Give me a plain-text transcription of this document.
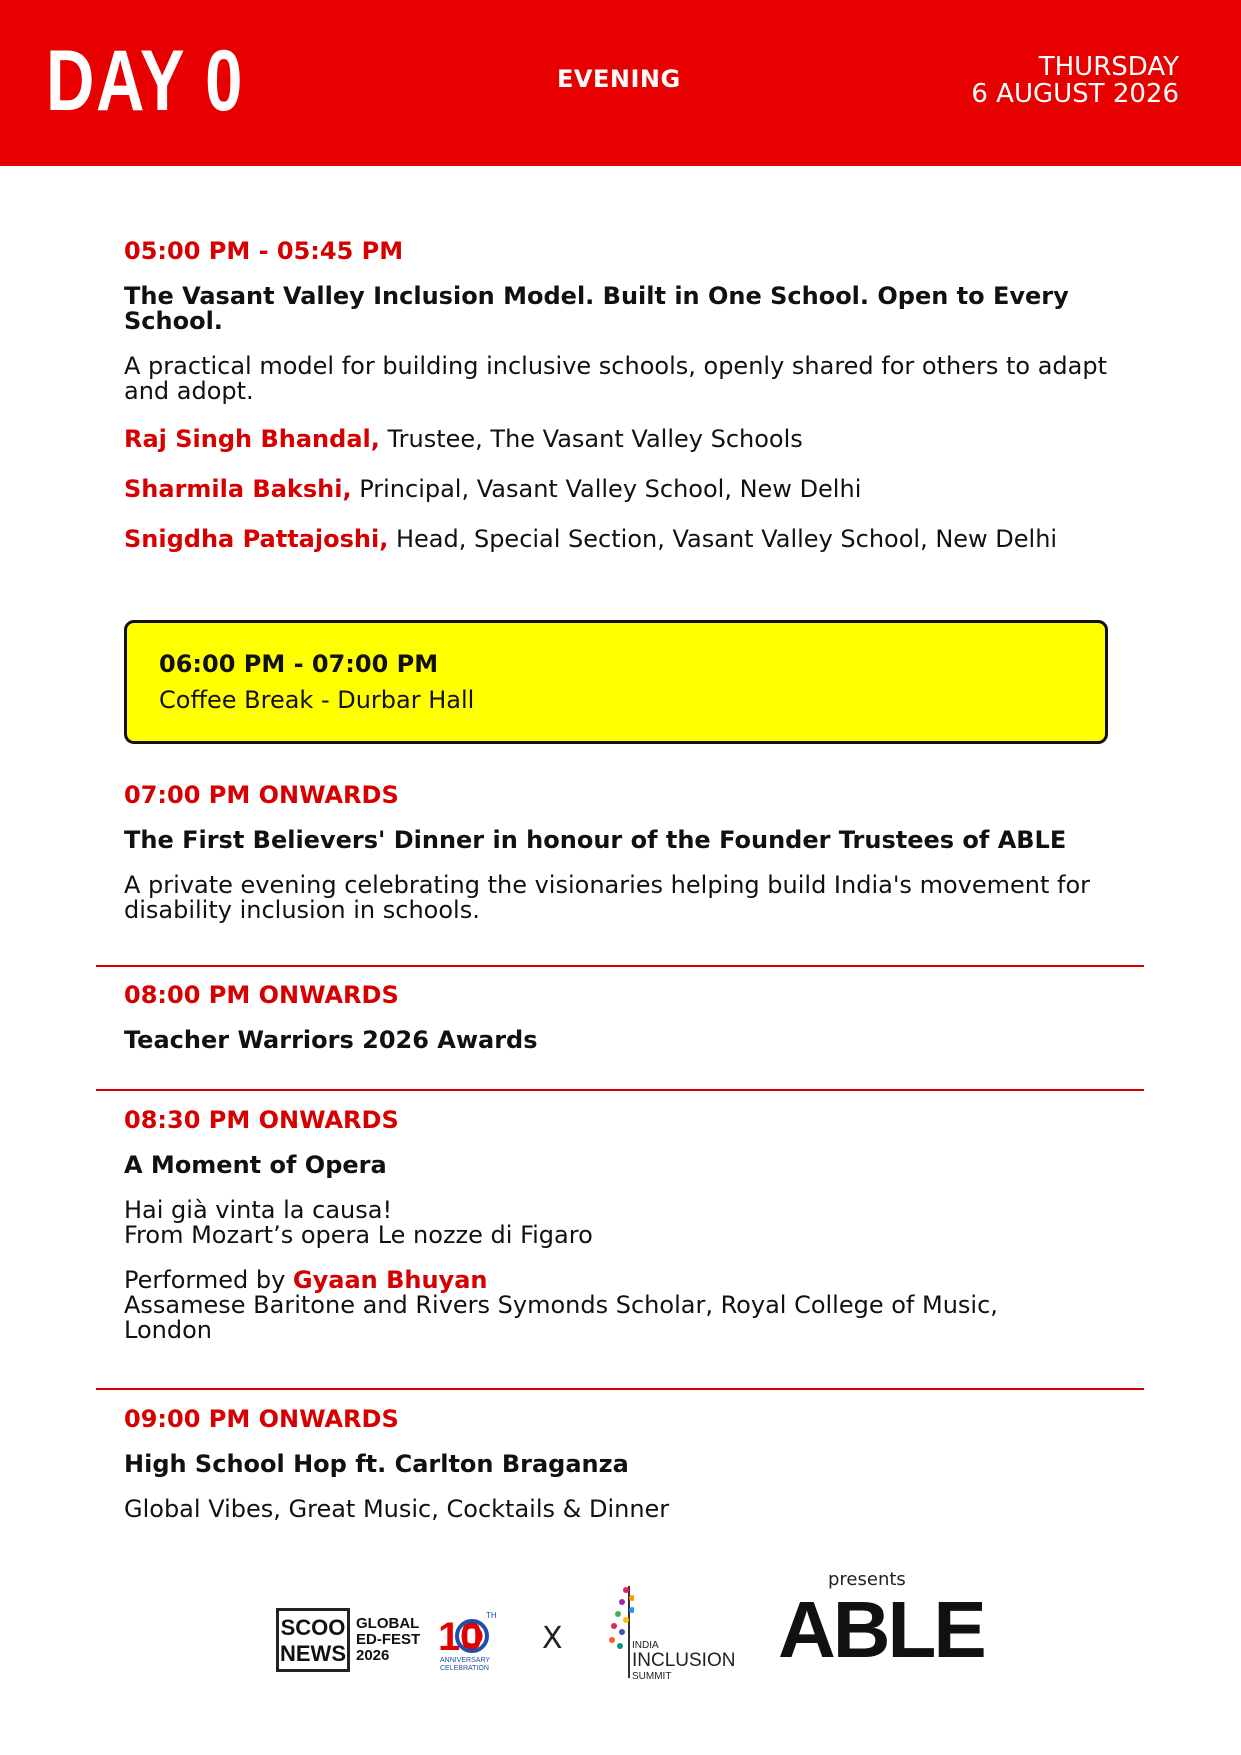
DAY 0	EVENING	THURSDAY
6 AUGUST 2026
05:00 PM - 05:45 PM
The Vasant Valley Inclusion Model. Built in One School. Open to Every School.
A practical model for building inclusive schools, openly shared for others to adapt and adopt.
Raj Singh Bhandal, Trustee, The Vasant Valley Schools
Sharmila Bakshi, Principal, Vasant Valley School, New Delhi
Snigdha Pattajoshi, Head, Special Section, Vasant Valley School, New Delhi
06:00 PM - 07:00 PM
Coffee Break - Durbar Hall
07:00 PM ONWARDS
The First Believers' Dinner in honour of the Founder Trustees of ABLE
A private evening celebrating the visionaries helping build India's movement for disability inclusion in schools.
08:00 PM ONWARDS
Teacher Warriors 2026 Awards
08:30 PM ONWARDS
A Moment of Opera
Hai già vinta la causa!
From Mozart’s opera Le nozze di Figaro
Performed by Gyaan Bhuyan
Assamese Baritone and Rivers Symonds Scholar, Royal College of Music, London
09:00 PM ONWARDS
High School Hop ft. Carlton Braganza
Global Vibes, Great Music, Cocktails & Dinner
SCOO
NEWS
GLOBAL
ED-FEST
2026	10 TH
ANNIVERSARY
CELEBRATION
X	INDIA
INCLUSION
SUMMIT
presents
ABLE
